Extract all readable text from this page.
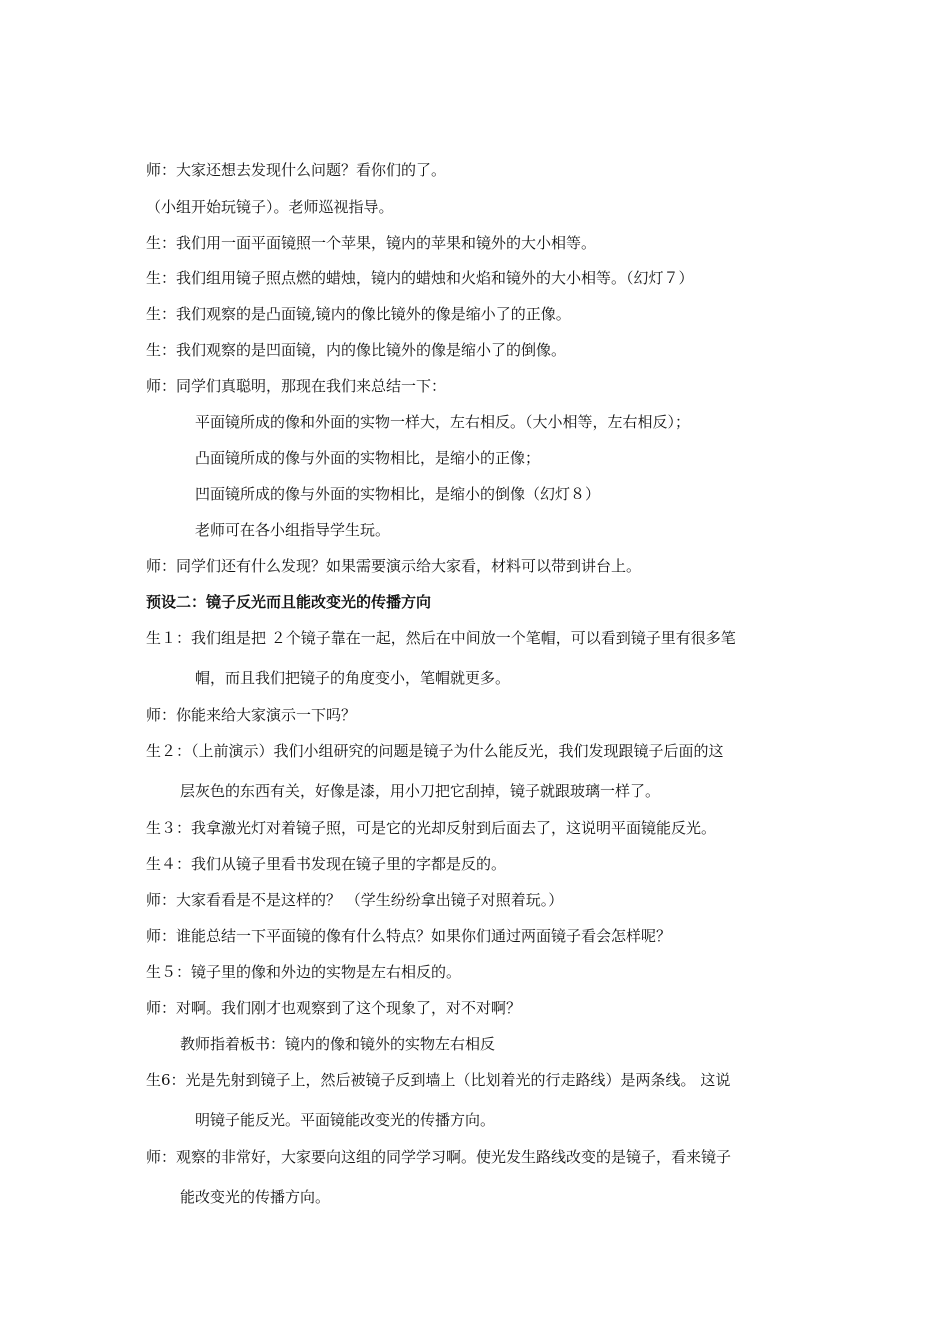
师：大家还想去发现什么问题？看你们的了。
（小组开始玩镜子）。老师巡视指导。
生：我们用一面平面镜照一个苹果，镜内的苹果和镜外的大小相等。
生：我们组用镜子照点燃的蜡烛，镜内的蜡烛和火焰和镜外的大小相等。（幻灯７）
生：我们观察的是凸面镜,镜内的像比镜外的像是缩小了的正像。
生：我们观察的是凹面镜，内的像比镜外的像是缩小了的倒像。
师：同学们真聪明，那现在我们来总结一下：
平面镜所成的像和外面的实物一样大，左右相反。（大小相等，左右相反）；
凸面镜所成的像与外面的实物相比，是缩小的正像；
凹面镜所成的像与外面的实物相比，是缩小的倒像（幻灯８）
老师可在各小组指导学生玩。
师：同学们还有什么发现？如果需要演示给大家看，材料可以带到讲台上。
预设二：镜子反光而且能改变光的传播方向
生１：我们组是把 ２个镜子靠在一起，然后在中间放一个笔帽，可以看到镜子里有很多笔
帽，而且我们把镜子的角度变小，笔帽就更多。
师：你能来给大家演示一下吗？
生２：（上前演示）我们小组研究的问题是镜子为什么能反光，我们发现跟镜子后面的这
层灰色的东西有关，好像是漆，用小刀把它刮掉，镜子就跟玻璃一样了。
生３：我拿激光灯对着镜子照，可是它的光却反射到后面去了，这说明平面镜能反光。
生４：我们从镜子里看书发现在镜子里的字都是反的。
师：大家看看是不是这样的？ （学生纷纷拿出镜子对照着玩。）
师：谁能总结一下平面镜的像有什么特点？如果你们通过两面镜子看会怎样呢？
生５：镜子里的像和外边的实物是左右相反的。
师：对啊。我们刚才也观察到了这个现象了，对不对啊？
教师指着板书：镜内的像和镜外的实物左右相反
生6：光是先射到镜子上，然后被镜子反到墙上（比划着光的行走路线）是两条线。 这说
明镜子能反光。平面镜能改变光的传播方向。
师：观察的非常好，大家要向这组的同学学习啊。使光发生路线改变的是镜子，看来镜子
能改变光的传播方向。
